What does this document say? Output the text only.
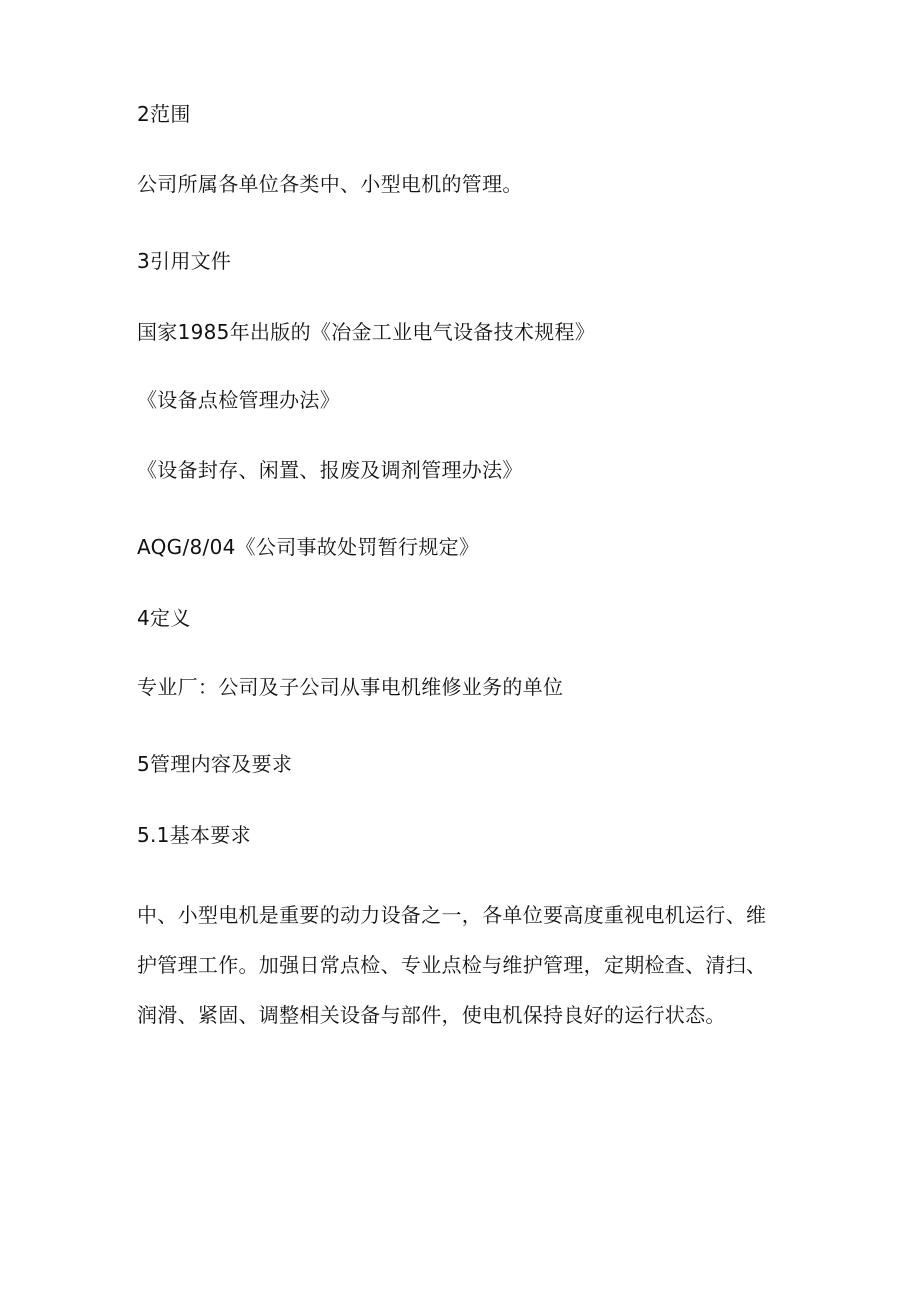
2范围
公司所属各单位各类中、小型电机的管理。
3引用文件
国家1985年出版的《冶金工业电气设备技术规程》
《设备点检管理办法》
《设备封存、闲置、报废及调剂管理办法》
AQG/8/04《公司事故处罚暂行规定》
4定义
专业厂：公司及子公司从事电机维修业务的单位
5管理内容及要求
5.1基本要求
中、小型电机是重要的动力设备之一，各单位要高度重视电机运行、维
护管理工作。加强日常点检、专业点检与维护管理，定期检查、清扫、
润滑、紧固、调整相关设备与部件，使电机保持良好的运行状态。
